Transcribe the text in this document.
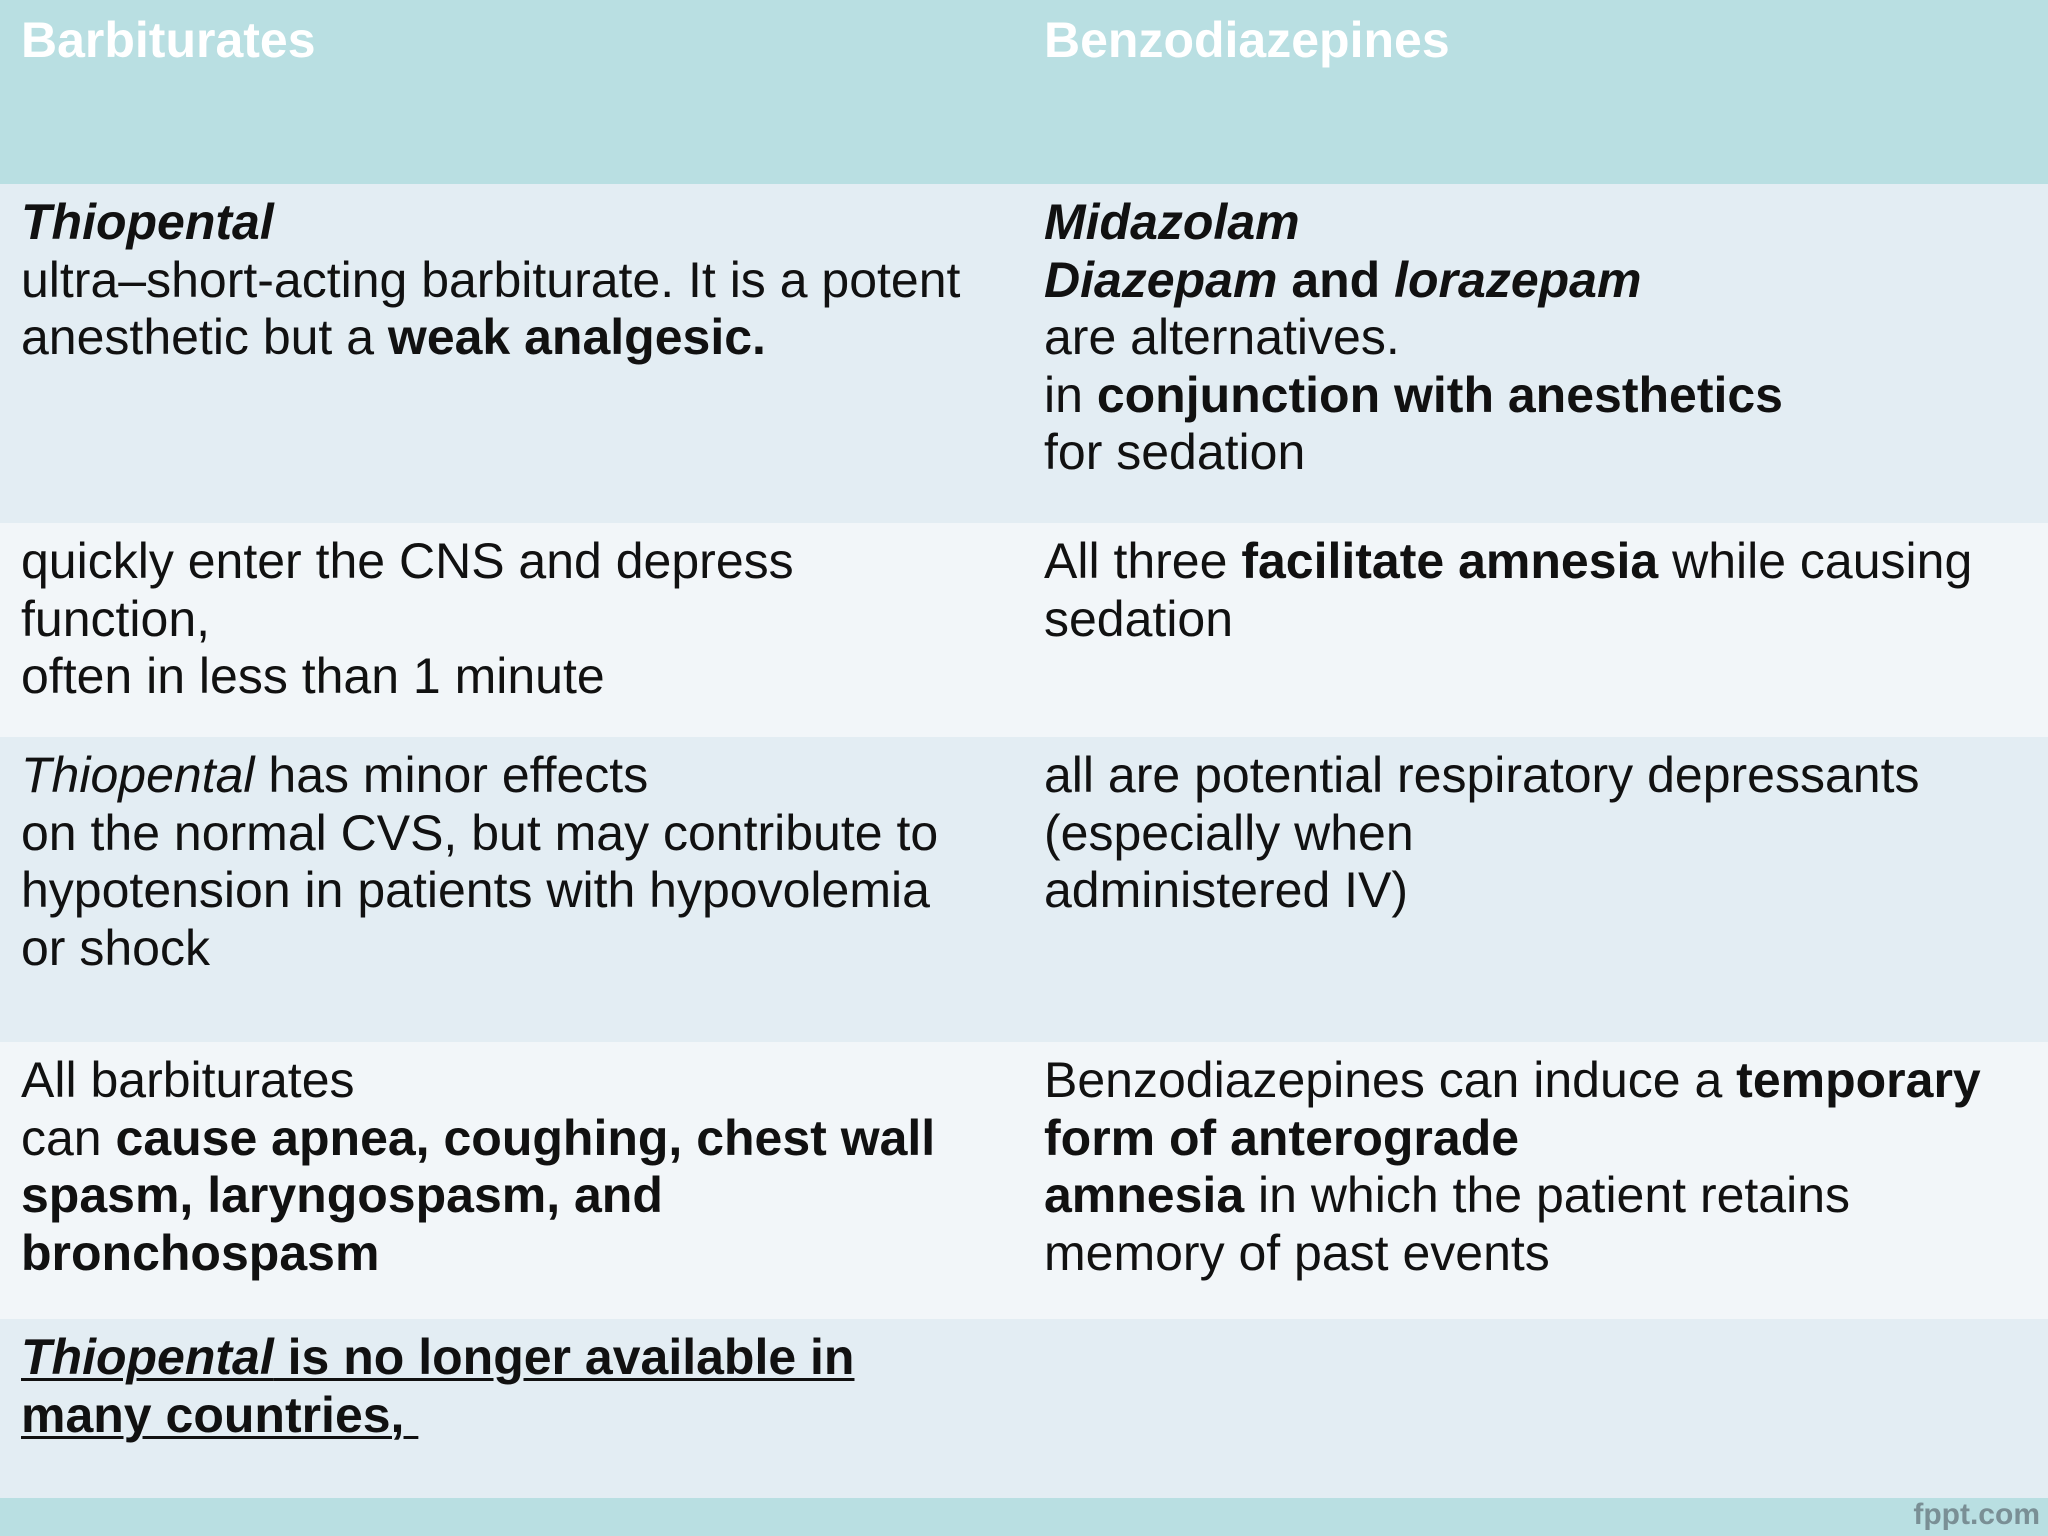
Barbiturates	Benzodiazepines
Thiopental
ultra–short-acting barbiturate. It is a potent
anesthetic but a weak analgesic.
Midazolam
Diazepam and lorazepam
are alternatives.
in conjunction with anesthetics
for sedation
quickly enter the CNS and depress
function,
often in less than 1 minute
All three facilitate amnesia while causing
sedation
Thiopental has minor effects
on the normal CVS, but may contribute to
hypotension in patients with hypovolemia
or shock
all are potential respiratory depressants
(especially when
administered IV)
All barbiturates
can cause apnea, coughing, chest wall
spasm, laryngospasm, and
bronchospasm
Benzodiazepines can induce a temporary
form of anterograde
amnesia in which the patient retains
memory of past events
Thiopental is no longer available in
many countries,
fppt.com
